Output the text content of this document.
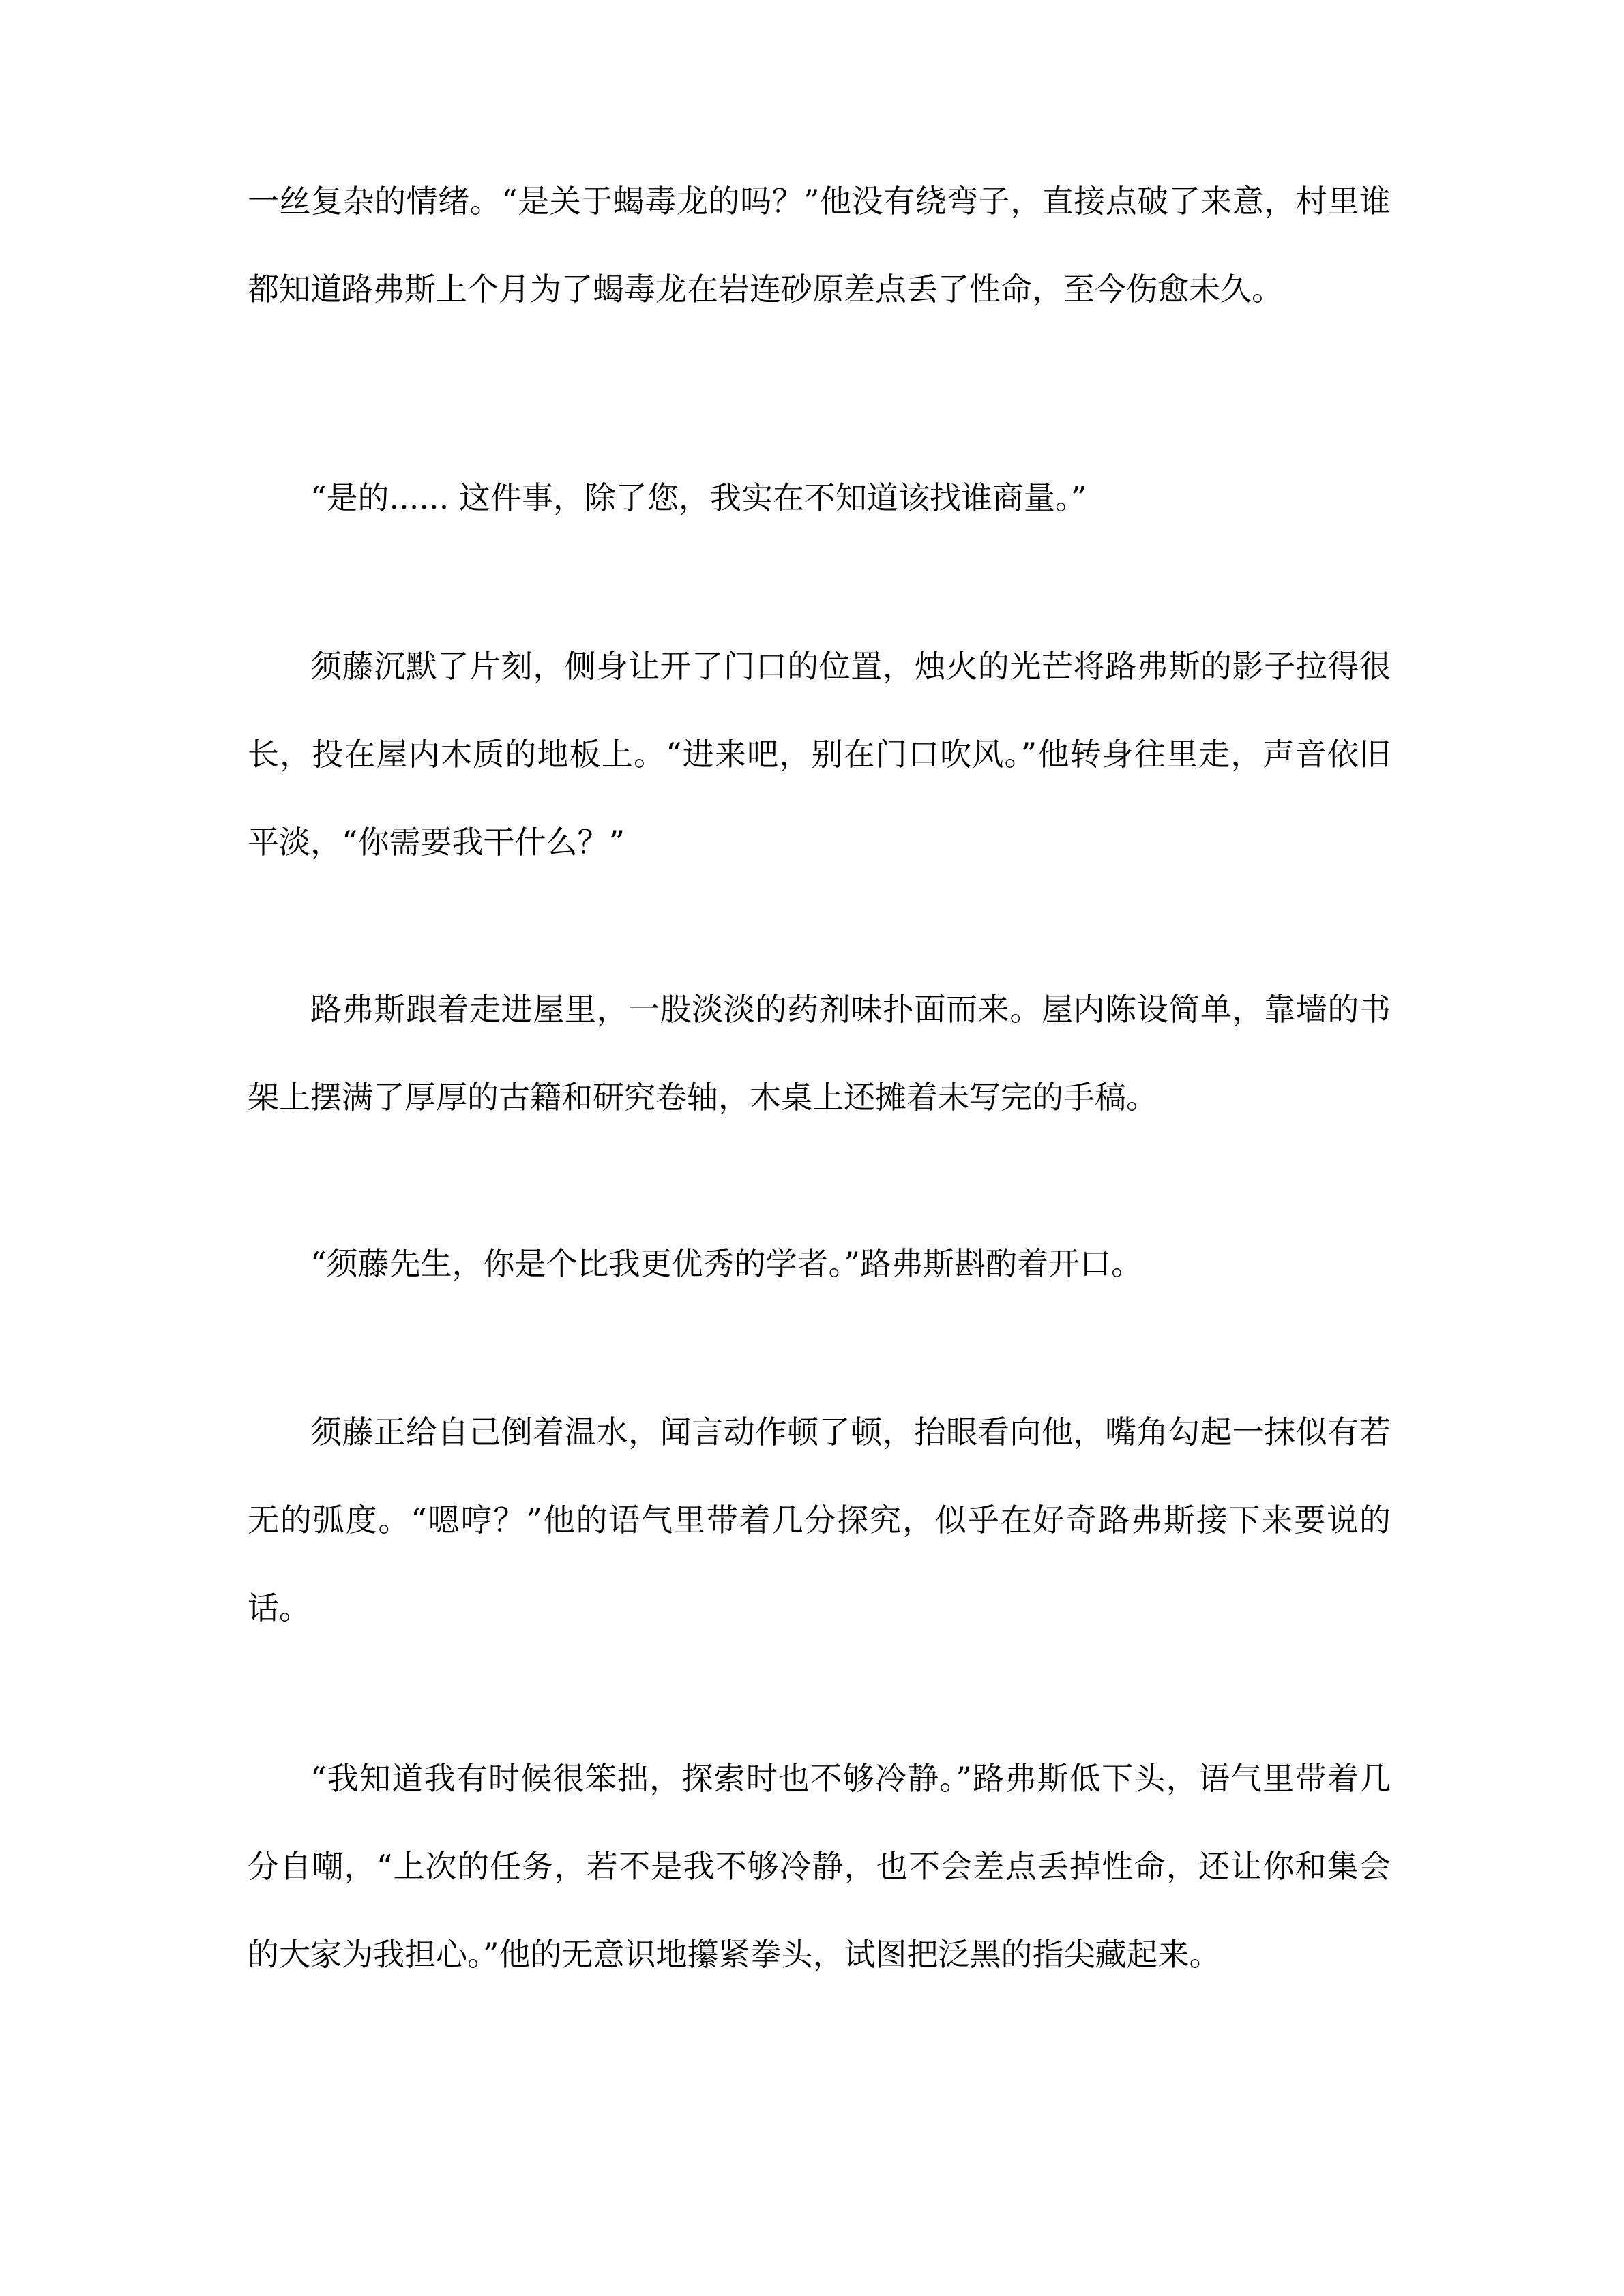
一丝复杂的情绪。“是关于蝎毒龙的吗？”他没有绕弯子，直接点破了来意，村里谁都知道路弗斯上个月为了蝎毒龙在岩连砂原差点丢了性命，至今伤愈未久。

“是的...... 这件事，除了您，我实在不知道该找谁商量。”

须藤沉默了片刻，侧身让开了门口的位置，烛火的光芒将路弗斯的影子拉得很长，投在屋内木质的地板上。“进来吧，别在门口吹风。”他转身往里走，声音依旧平淡，“你需要我干什么？”

路弗斯跟着走进屋里，一股淡淡的药剂味扑面而来。屋内陈设简单，靠墙的书架上摆满了厚厚的古籍和研究卷轴，木桌上还摊着未写完的手稿。

“须藤先生，你是个比我更优秀的学者。”路弗斯斟酌着开口。

须藤正给自己倒着温水，闻言动作顿了顿，抬眼看向他，嘴角勾起一抹似有若无的弧度。“嗯哼？”他的语气里带着几分探究，似乎在好奇路弗斯接下来要说的话。

“我知道我有时候很笨拙，探索时也不够冷静。”路弗斯低下头，语气里带着几分自嘲，“上次的任务，若不是我不够冷静，也不会差点丢掉性命，还让你和集会的大家为我担心。”他的无意识地攥紧拳头，试图把泛黑的指尖藏起来。
